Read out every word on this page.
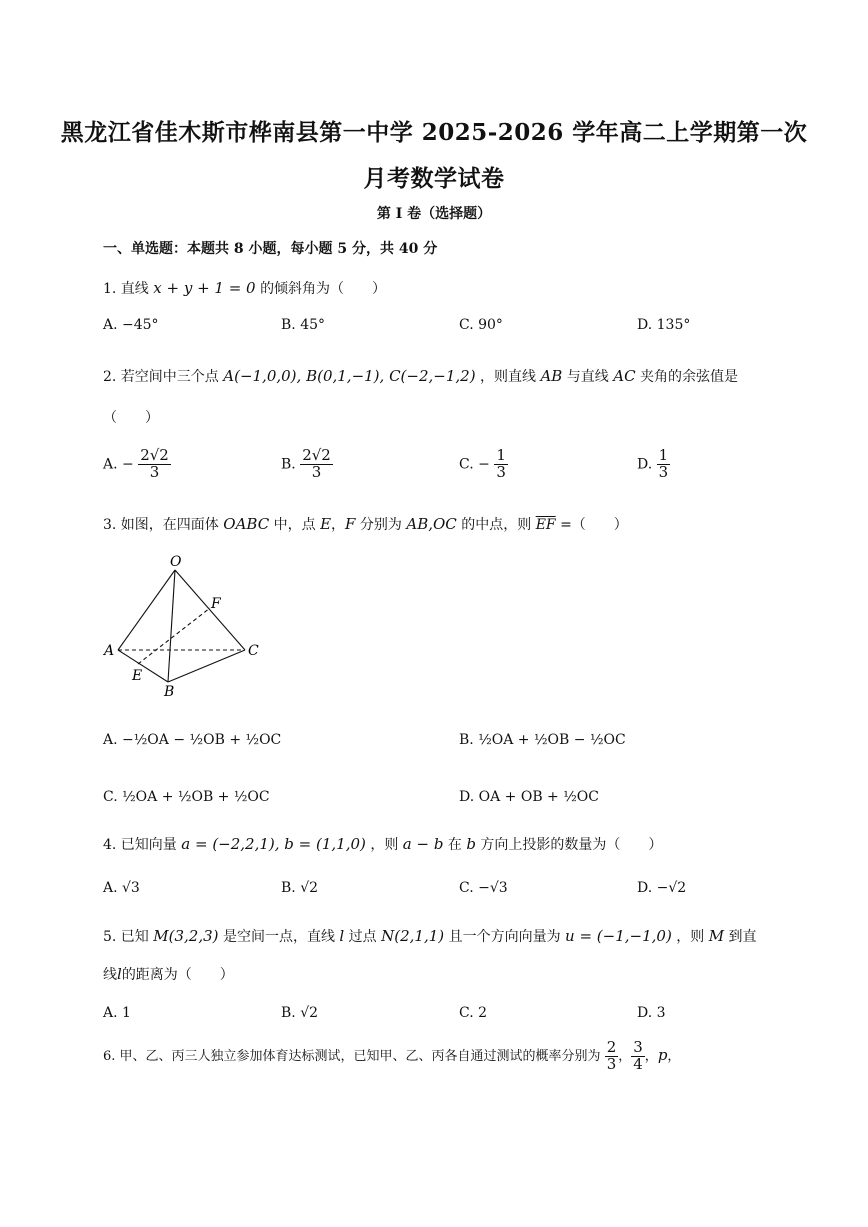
黑龙江省佳木斯市桦南县第一中学 2025-2026 学年高二上学期第一次
月考数学试卷
第 I 卷（选择题）
一、单选题：本题共 8 小题，每小题 5 分，共 40 分
1. 直线 x + y + 1 = 0 的倾斜角为（　　）
A. −45°	B. 45°	C. 90°	D. 135°
2. 若空间中三个点 A(−1,0,0), B(0,1,−1), C(−2,−1,2) ，则直线 AB 与直线 AC 夹角的余弦值是
（　　）
A. − $\frac{2√2}{3}$	B. $\frac{2√2}{3}$	C. − $\frac{1}{3}$	D. $\frac{1}{3}$
3. 如图，在四面体 OABC 中，点 E，F 分别为 AB,OC 的中点，则 $\overline{EF}$ =（　　）
O
F
A	C
E
B
A. −½OA − ½OB + ½OC	B. ½OA + ½OB − ½OC
C. ½OA + ½OB + ½OC	D. OA + OB + ½OC
4. 已知向量 a = (−2,2,1), b = (1,1,0) ，则 a − b 在 b 方向上投影的数量为（　　）
A. √3	B. √2	C. −√3	D. −√2
5. 已知 M(3,2,3) 是空间一点，直线 l 过点 N(2,1,1) 且一个方向向量为 u = (−1,−1,0) ，则 M 到直
线l的距离为（　　）
A. 1	B. √2	C. 2	D. 3
6. 甲、乙、丙三人独立参加体育达标测试，已知甲、乙、丙各自通过测试的概率分别为 $\frac{2}{3}$ ， $\frac{3}{4}$ ，p，
